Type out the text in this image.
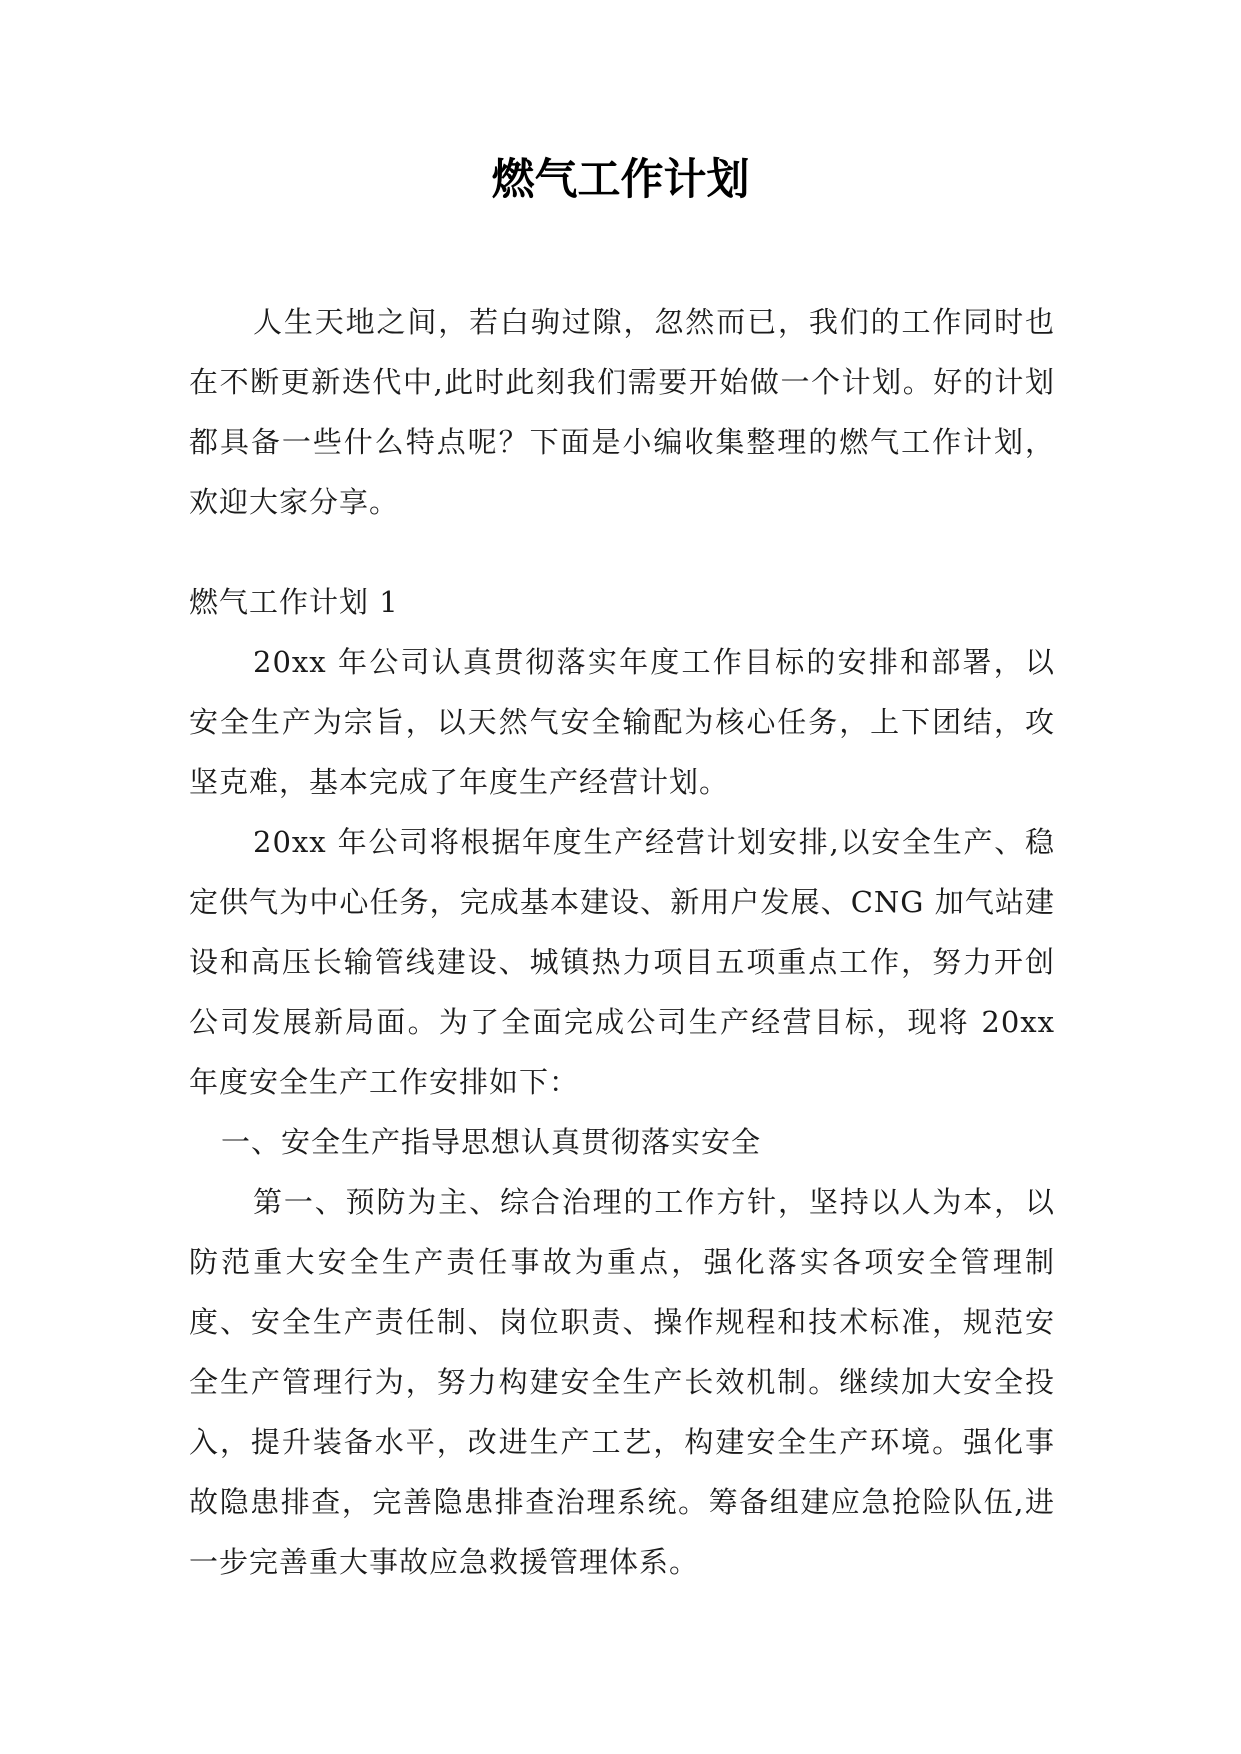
燃气工作计划

人生天地之间，若白驹过隙，忽然而已，我们的工作同时也在不断更新迭代中,此时此刻我们需要开始做一个计划。好的计划都具备一些什么特点呢？下面是小编收集整理的燃气工作计划，欢迎大家分享。

燃气工作计划 1

20xx 年公司认真贯彻落实年度工作目标的安排和部署，以安全生产为宗旨，以天然气安全输配为核心任务，上下团结，攻坚克难，基本完成了年度生产经营计划。

20xx 年公司将根据年度生产经营计划安排,以安全生产、稳定供气为中心任务，完成基本建设、新用户发展、CNG 加气站建设和高压长输管线建设、城镇热力项目五项重点工作，努力开创公司发展新局面。为了全面完成公司生产经营目标，现将 20xx 年度安全生产工作安排如下：

一、安全生产指导思想认真贯彻落实安全

第一、预防为主、综合治理的工作方针，坚持以人为本，以防范重大安全生产责任事故为重点，强化落实各项安全管理制度、安全生产责任制、岗位职责、操作规程和技术标准，规范安全生产管理行为，努力构建安全生产长效机制。继续加大安全投入，提升装备水平，改进生产工艺，构建安全生产环境。强化事故隐患排查，完善隐患排查治理系统。筹备组建应急抢险队伍,进一步完善重大事故应急救援管理体系。
